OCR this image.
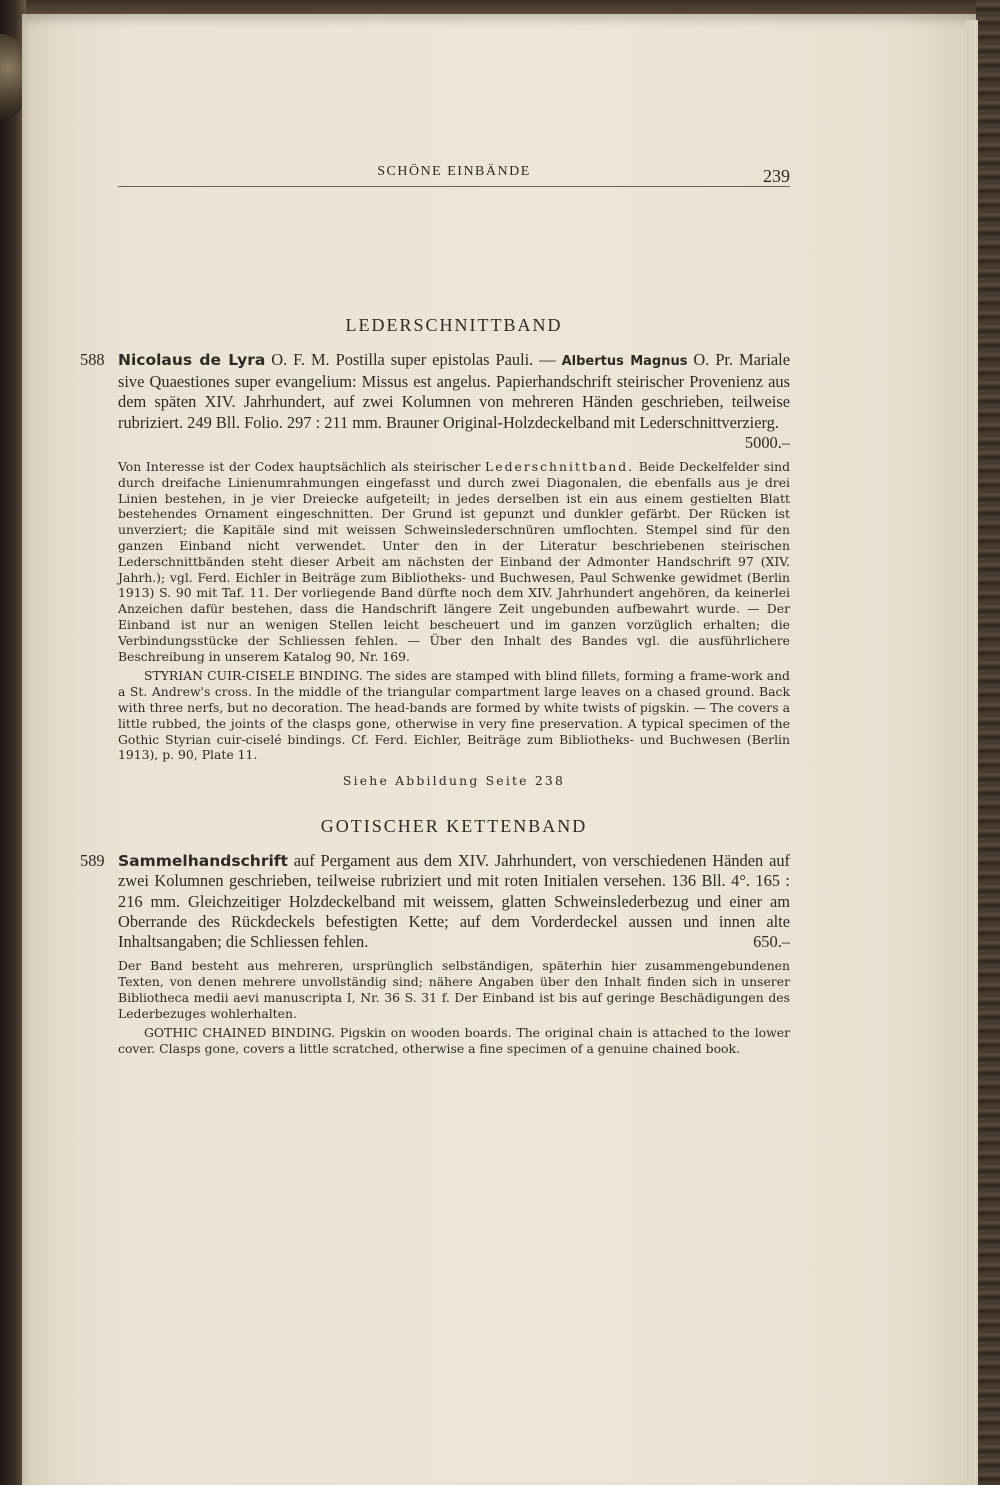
SCHÖNE EINBÄNDE	239
LEDERSCHNITTBAND
588 Nicolaus de Lyra O. F. M. Postilla super epistolas Pauli. — Albertus Magnus O. Pr. Mariale sive Quaestiones super evangelium: Missus est angelus. Papierhandschrift steirischer Provenienz aus dem späten XIV. Jahrhundert, auf zwei Kolumnen von mehreren Händen geschrieben, teilweise rubriziert. 249 Bll. Folio. 297 : 211 mm. Brauner Original-Holzdeckelband mit Lederschnittverzierg.
5000.–
Von Interesse ist der Codex hauptsächlich als steirischer Lederschnittband. Beide Deckelfelder sind durch dreifache Linienumrahmungen eingefasst und durch zwei Diagonalen, die ebenfalls aus je drei Linien bestehen, in je vier Dreiecke aufgeteilt; in jedes derselben ist ein aus einem gestielten Blatt bestehendes Ornament eingeschnitten. Der Grund ist gepunzt und dunkler gefärbt. Der Rücken ist unverziert; die Kapitäle sind mit weissen Schweinslederschnüren umflochten. Stempel sind für den ganzen Einband nicht verwendet. Unter den in der Literatur beschriebenen steirischen Lederschnittbänden steht dieser Arbeit am nächsten der Einband der Admonter Handschrift 97 (XIV. Jahrh.); vgl. Ferd. Eichler in Beiträge zum Bibliotheks- und Buchwesen, Paul Schwenke gewidmet (Berlin 1913) S. 90 mit Taf. 11. Der vorliegende Band dürfte noch dem XIV. Jahrhundert angehören, da keinerlei Anzeichen dafür bestehen, dass die Handschrift längere Zeit ungebunden aufbewahrt wurde. — Der Einband ist nur an wenigen Stellen leicht bescheuert und im ganzen vorzüglich erhalten; die Verbindungsstücke der Schliessen fehlen. — Über den Inhalt des Bandes vgl. die ausführlichere Beschreibung in unserem Katalog 90, Nr. 169.
STYRIAN CUIR-CISELE BINDING. The sides are stamped with blind fillets, forming a frame-work and a St. Andrew's cross. In the middle of the triangular compartment large leaves on a chased ground. Back with three nerfs, but no decoration. The head-bands are formed by white twists of pigskin. — The covers a little rubbed, the joints of the clasps gone, otherwise in very fine preservation. A typical specimen of the Gothic Styrian cuir-ciselé bindings. Cf. Ferd. Eichler, Beiträge zum Bibliotheks- und Buchwesen (Berlin 1913), p. 90, Plate 11.
Siehe Abbildung Seite 238
GOTISCHER KETTENBAND
589 Sammelhandschrift auf Pergament aus dem XIV. Jahrhundert, von verschiedenen Händen auf zwei Kolumnen geschrieben, teilweise rubriziert und mit roten Initialen versehen. 136 Bll. 4°. 165 : 216 mm. Gleichzeitiger Holzdeckelband mit weissem, glatten Schweinslederbezug und einer am Oberrande des Rückdeckels befestigten Kette; auf dem Vorderdeckel aussen und innen alte Inhaltsangaben; die Schliessen fehlen.	650.–
Der Band besteht aus mehreren, ursprünglich selbständigen, späterhin hier zusammengebundenen Texten, von denen mehrere unvollständig sind; nähere Angaben über den Inhalt finden sich in unserer Bibliotheca medii aevi manuscripta I, Nr. 36 S. 31 f. Der Einband ist bis auf geringe Beschädigungen des Lederbezuges wohlerhalten.
GOTHIC CHAINED BINDING. Pigskin on wooden boards. The original chain is attached to the lower cover. Clasps gone, covers a little scratched, otherwise a fine specimen of a genuine chained book.
